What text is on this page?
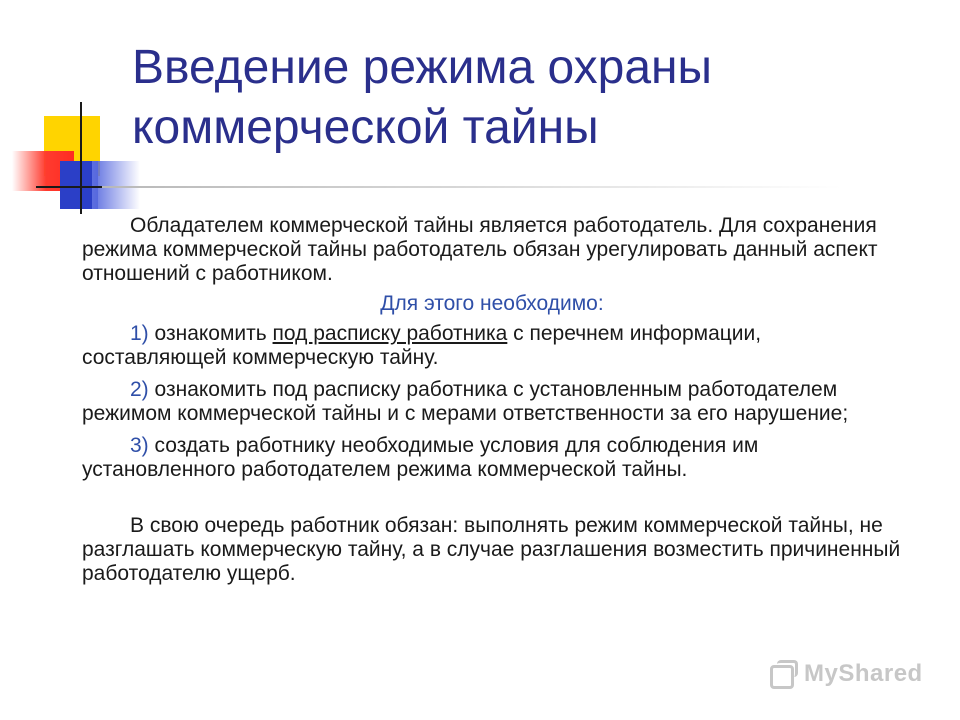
Введение режима охраны
коммерческой тайны

Обладателем коммерческой тайны является работодатель. Для сохранения режима коммерческой тайны работодатель обязан урегулировать данный аспект отношений с работником.

Для этого необходимо:

1) ознакомить под расписку работника с перечнем информации, составляющей коммерческую тайну.

2) ознакомить под расписку работника с установленным работодателем режимом коммерческой тайны и с мерами ответственности за его нарушение;

3) создать работнику необходимые условия для соблюдения им установленного работодателем режима коммерческой тайны.

В свою очередь работник обязан: выполнять режим коммерческой тайны, не разглашать коммерческую тайну, а в случае разглашения возместить причиненный работодателю ущерб.

MyShared
